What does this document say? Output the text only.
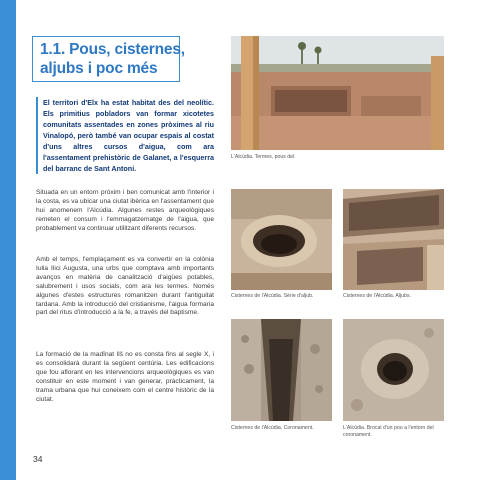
1.1. Pous, cisternes,
aljubs i poc més

El territori d'Elx ha estat habitat des del neolític. Els primitius pobladors van formar xicotetes comunitats assentades en zones pròximes al riu Vinalopó, però també van ocupar espais al costat d'uns altres cursos d'aigua, com ara l'assentament prehistòric de Galanet, a l'esquerra del barranc de Sant Antoni.

Situada en un entorn pròxim i ben comunicat amb l'interior i la costa, es va ubicar una ciutat ibèrica en l'assentament que hui anomenem l'Alcúdia. Algunes restes arqueològiques remeten el consum i l'emmagatzematge de l'aigua, que probablement va continuar utilitzant diferents recursos.

Amb el temps, l'emplaçament es va convertir en la colònia Iulia Ilici Augusta, una urbs que comptava amb importants avanços en matèria de canalització d'aigües potables, salubrement i usos socials, com ara les termes. Només algunes d'estes estructures romanitzen durant l'antiguitat tardana. Amb la introducció del cristianisme, l'aigua formaria part del ritus d'introducció a la fe, a través del baptisme.

La formació de la madînat Ilš no es consta fins al segle X, i es consolidarà durant la següent centúria. Les edificacions que fou aflorant en les intervencions arqueològiques es van constituir en este moment i van generar, pràcticament, la trama urbana que hui coneixem com el centre històric de la ciutat.

34
L'Alcúdia. Termes, pous del.
Cisternes de l'Alcúdia. Sèrie d'aljub.	Cisternes de l'Alcúdia. Aljubs.
Cisternes de l'Alcúdia. Coronament.	L'Alcúdia. Brocal d'un pou a l'entorn del coronament.
